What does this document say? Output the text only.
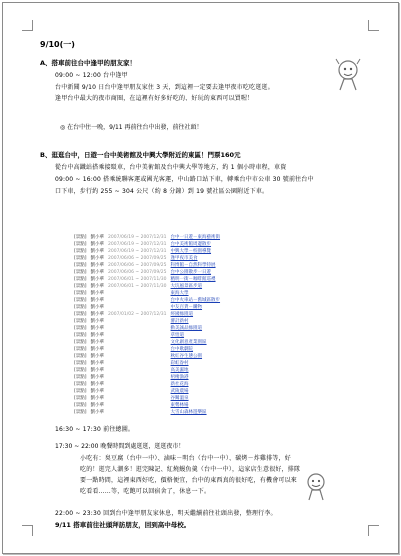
9/10(一)
A、搭車前往台中逢甲的朋友家！
09:00 ~ 12:00 台中逢甲
台中新聞 9/10 日台中逢甲朋友家住 3 天，到這裡一定要去逢甲夜市吃吃逛逛。
逢甲台中最大的夜市商圈，在這裡有好多好吃的、好玩的東西可以買喔！
◎ 在台中住一晚，9/11 再前往台中出發，前往社頭！
B、逛逛台中，日遊一台中美術館及中興大學附近的東區！門票160元
從台中高鐵站搭乘接駁車，台中美術館及台中興大學等地方，約 1 個小時車程，車資
09:00 ~ 16:00 搭乘統聯客運或國光客運，中山路口站下車，轉乘台中市公車 30 號前往台中
口下車，步行約 255 ~ 304 公尺（約 8 分鐘）到 19 號社區公園附近下車。
[景點]	劉小華	2007/06/19 ~ 2007/12/31	台中一日遊－東海藝術街
[景點]	劉小華	2007/06/19 ~ 2007/12/31	台中美術館周邊散步
[景點]	劉小華	2007/06/19 ~ 2007/12/31	中興大學－校園導覽
[景點]	劉小華	2007/06/06 ~ 2007/09/25	逢甲夜市美食
[景點]	劉小華	2007/06/06 ~ 2007/09/25	科博館－自然科學特展
[景點]	劉小華	2007/06/06 ~ 2007/09/25	台中公園散步一日遊
[景點]	劉小華	2007/06/01 ~ 2007/11/30	精明一街－咖啡館巡禮
[景點]	劉小華	2007/06/01 ~ 2007/11/30	大坑風景區步道
[景點]	劉小華		東海大學
[景點]	劉小華		台中火車站－舊城區散步
[景點]	劉小華		中友百貨－購物
[景點]	劉小華	2007/01/02 ~ 2007/12/31	經國綠園道
[景點]	劉小華		審計新村
[景點]	劉小華		勤美誠品綠園道
[景點]	劉小華		草悟道
[景點]	劉小華		文化創意產業園區
[景點]	劉小華		台中歌劇院
[景點]	劉小華		秋紅谷生態公園
[景點]	劉小華		彩虹眷村
[景點]	劉小華		高美濕地
[景點]	劉小華		梧棲漁港
[景點]	劉小華		新社花海
[景點]	劉小華		武陵農場
[景點]	劉小華		谷關溫泉
[景點]	劉小華		東勢林場
[景點]	劉小華		大雪山森林遊樂區
16:30 ~ 17:30 前往總圖。
17:30 ~ 22:00 晚餐時間到處逛逛，逛逛夜市！
小吃有：臭豆腐（台中一中）、滷味－明台（台中一中）、碳烤－炸雞排等，好
吃的！逛完人潮多！逛完陳記、紅燒鰻魚羹（台中一中），這家店生意很好，排隊
要一點時間，這裡東西好吃，價格便宜，台中的東西真的很好吃，有機會可以來
吃看看……等，吃飽可以回宿舍了，休息一下。
22:00 ~ 23:30 回到台中逢甲朋友家休息，明天繼續前往社頭出發，整理行李。
9/11 搭車前往社頭拜訪朋友，回到高中母校。
